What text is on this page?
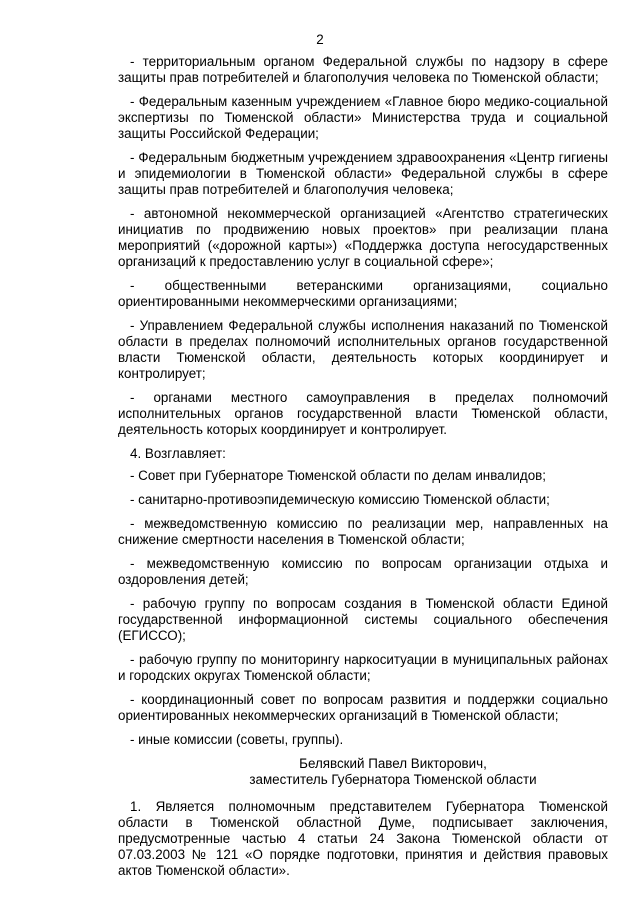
2

- территориальным органом Федеральной службы по надзору в сфере защиты прав потребителей и благополучия человека по Тюменской области;

- Федеральным казенным учреждением «Главное бюро медико-социальной экспертизы по Тюменской области» Министерства труда и социальной защиты Российской Федерации;

- Федеральным бюджетным учреждением здравоохранения «Центр гигиены и эпидемиологии в Тюменской области» Федеральной службы в сфере защиты прав потребителей и благополучия человека;

- автономной некоммерческой организацией «Агентство стратегических инициатив по продвижению новых проектов» при реализации плана мероприятий («дорожной карты») «Поддержка доступа негосударственных организаций к предоставлению услуг в социальной сфере»;

- общественными ветеранскими организациями, социально ориентированными некоммерческими организациями;

- Управлением Федеральной службы исполнения наказаний по Тюменской области в пределах полномочий исполнительных органов государственной власти Тюменской области, деятельность которых координирует и контролирует;

- органами местного самоуправления в пределах полномочий исполнительных органов государственной власти Тюменской области, деятельность которых координирует и контролирует.

4. Возглавляет:

- Совет при Губернаторе Тюменской области по делам инвалидов;

- санитарно-противоэпидемическую комиссию Тюменской области;

- межведомственную комиссию по реализации мер, направленных на снижение смертности населения в Тюменской области;

- межведомственную комиссию по вопросам организации отдыха и оздоровления детей;

- рабочую группу по вопросам создания в Тюменской области Единой государственной информационной системы социального обеспечения (ЕГИССО);

- рабочую группу по мониторингу наркоситуации в муниципальных районах и городских округах Тюменской области;

- координационный совет по вопросам развития и поддержки социально ориентированных некоммерческих организаций в Тюменской области;

- иные комиссии (советы, группы).

Белявский Павел Викторович,
заместитель Губернатора Тюменской области

1. Является полномочным представителем Губернатора Тюменской области в Тюменской областной Думе, подписывает заключения, предусмотренные частью 4 статьи 24 Закона Тюменской области от 07.03.2003 № 121 «О порядке подготовки, принятия и действия правовых актов Тюменской области».
